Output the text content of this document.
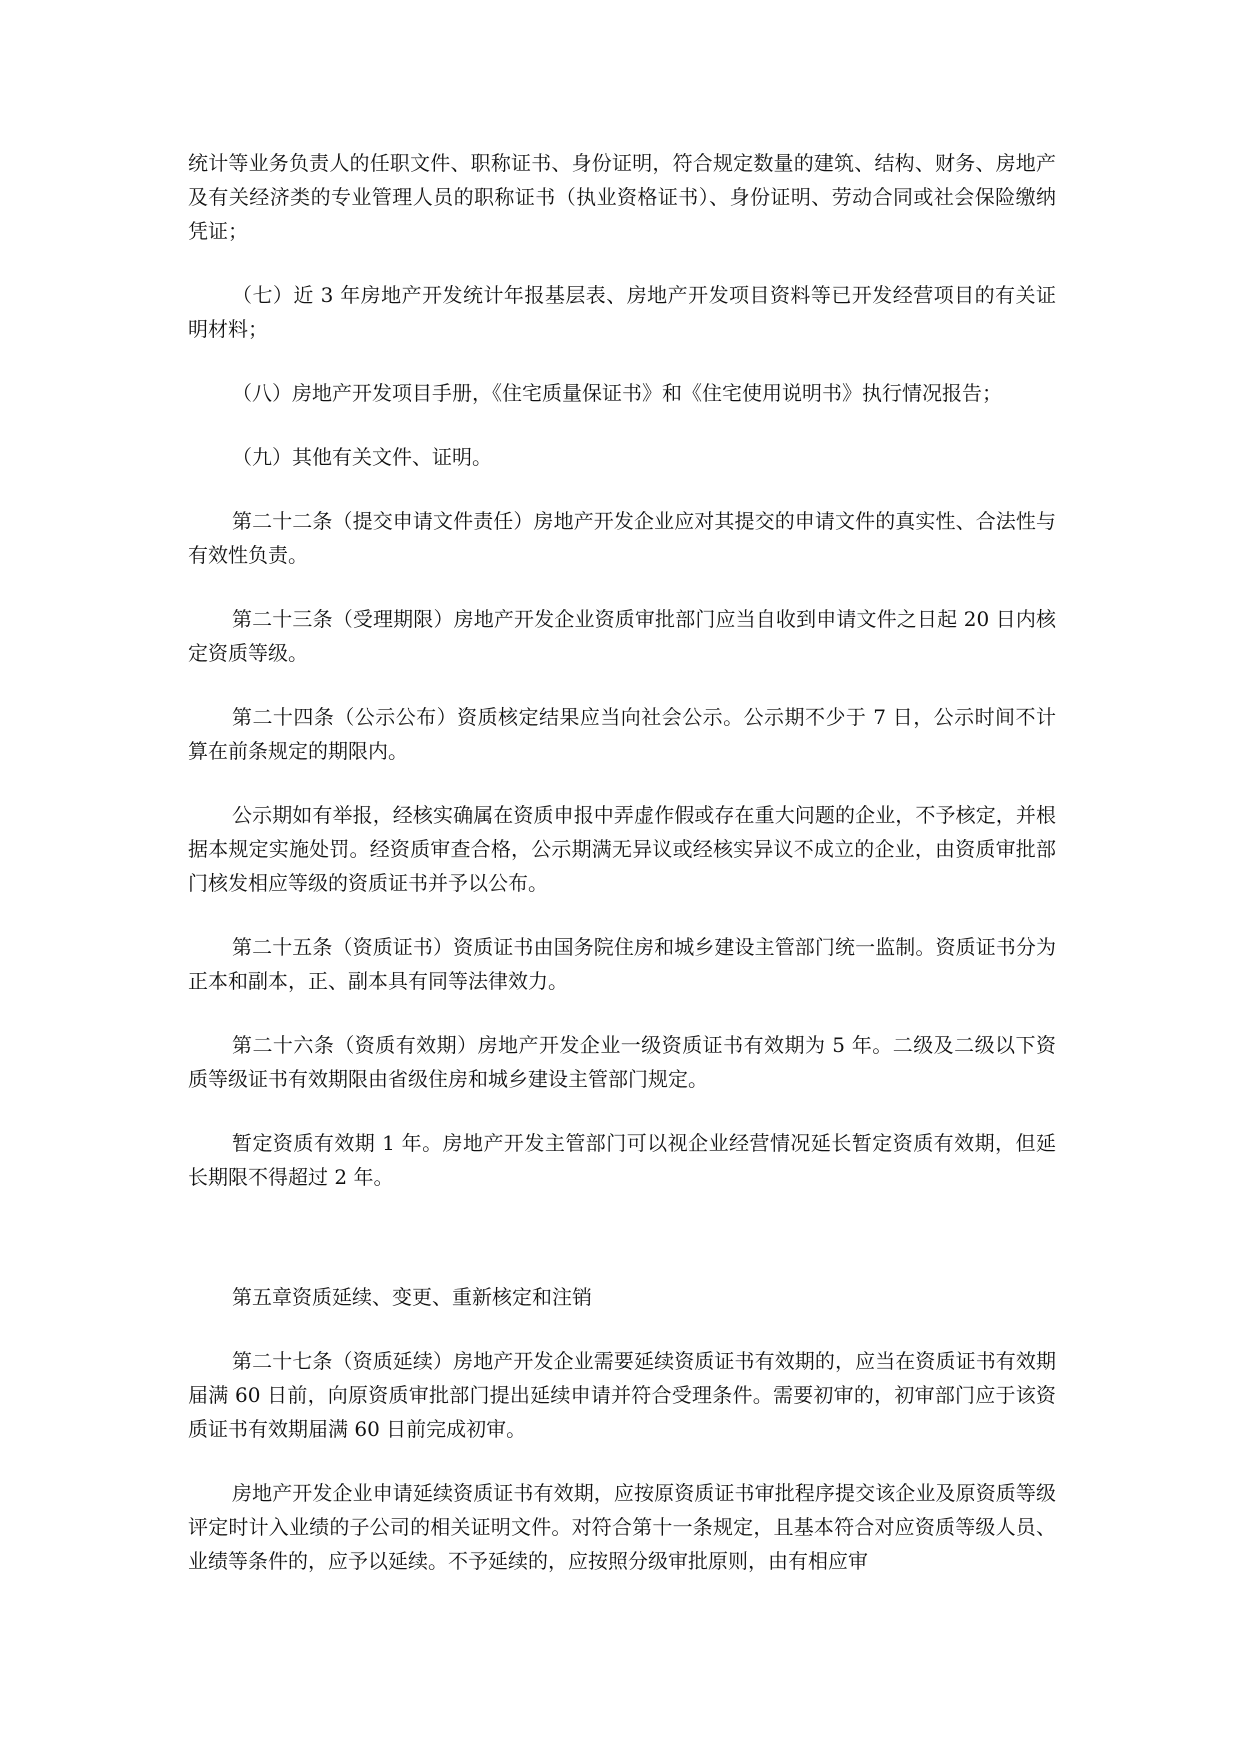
统计等业务负责人的任职文件、职称证书、身份证明，符合规定数量的建筑、结构、财务、房地产及有关经济类的专业管理人员的职称证书（执业资格证书）、身份证明、劳动合同或社会保险缴纳凭证；

（七）近 3 年房地产开发统计年报基层表、房地产开发项目资料等已开发经营项目的有关证明材料；

（八）房地产开发项目手册，《住宅质量保证书》和《住宅使用说明书》执行情况报告；

（九）其他有关文件、证明。

第二十二条（提交申请文件责任）房地产开发企业应对其提交的申请文件的真实性、合法性与有效性负责。

第二十三条（受理期限）房地产开发企业资质审批部门应当自收到申请文件之日起 20 日内核定资质等级。

第二十四条（公示公布）资质核定结果应当向社会公示。公示期不少于 7 日，公示时间不计算在前条规定的期限内。

公示期如有举报，经核实确属在资质申报中弄虚作假或存在重大问题的企业，不予核定，并根据本规定实施处罚。经资质审查合格，公示期满无异议或经核实异议不成立的企业，由资质审批部门核发相应等级的资质证书并予以公布。

第二十五条（资质证书）资质证书由国务院住房和城乡建设主管部门统一监制。资质证书分为正本和副本，正、副本具有同等法律效力。

第二十六条（资质有效期）房地产开发企业一级资质证书有效期为 5 年。二级及二级以下资质等级证书有效期限由省级住房和城乡建设主管部门规定。

暂定资质有效期 1 年。房地产开发主管部门可以视企业经营情况延长暂定资质有效期，但延长期限不得超过 2 年。

第五章资质延续、变更、重新核定和注销

第二十七条（资质延续）房地产开发企业需要延续资质证书有效期的，应当在资质证书有效期届满 60 日前，向原资质审批部门提出延续申请并符合受理条件。需要初审的，初审部门应于该资质证书有效期届满 60 日前完成初审。

房地产开发企业申请延续资质证书有效期，应按原资质证书审批程序提交该企业及原资质等级评定时计入业绩的子公司的相关证明文件。对符合第十一条规定，且基本符合对应资质等级人员、业绩等条件的，应予以延续。不予延续的，应按照分级审批原则，由有相应审
